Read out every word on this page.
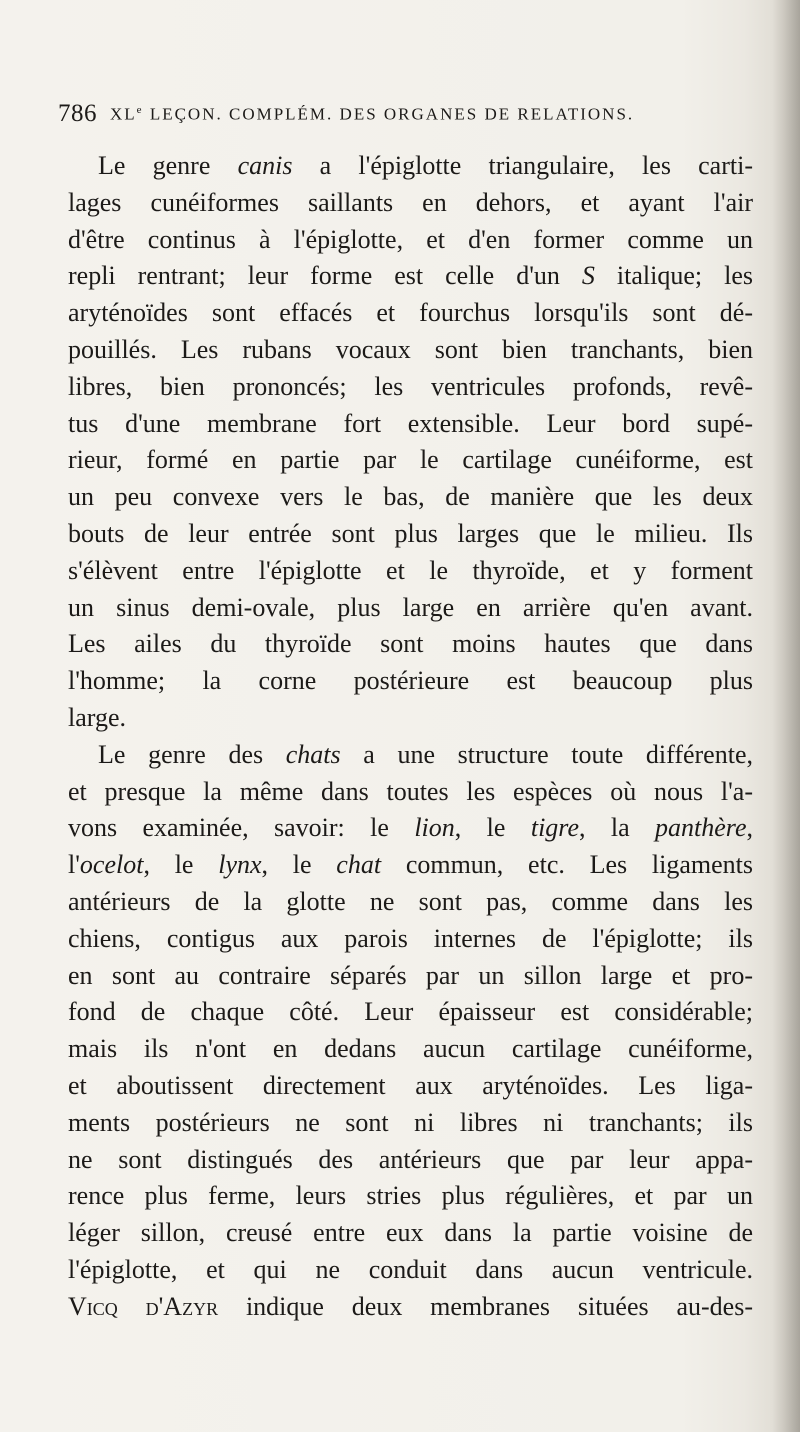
786 XLe LEÇON. COMPLÉM. DES ORGANES DE RELATIONS.
Le genre canis a l'épiglotte triangulaire, les carti-
lages cunéiformes saillants en dehors, et ayant l'air
d'être continus à l'épiglotte, et d'en former comme un
repli rentrant; leur forme est celle d'un S italique; les
aryténoïdes sont effacés et fourchus lorsqu'ils sont dé-
pouillés. Les rubans vocaux sont bien tranchants, bien
libres, bien prononcés; les ventricules profonds, revê-
tus d'une membrane fort extensible. Leur bord supé-
rieur, formé en partie par le cartilage cunéiforme, est
un peu convexe vers le bas, de manière que les deux
bouts de leur entrée sont plus larges que le milieu. Ils
s'élèvent entre l'épiglotte et le thyroïde, et y forment
un sinus demi-ovale, plus large en arrière qu'en avant.
Les ailes du thyroïde sont moins hautes que dans
l'homme; la corne postérieure est beaucoup plus
large.
Le genre des chats a une structure toute différente,
et presque la même dans toutes les espèces où nous l'a-
vons examinée, savoir: le lion, le tigre, la panthère,
l'ocelot, le lynx, le chat commun, etc. Les ligaments
antérieurs de la glotte ne sont pas, comme dans les
chiens, contigus aux parois internes de l'épiglotte; ils
en sont au contraire séparés par un sillon large et pro-
fond de chaque côté. Leur épaisseur est considérable;
mais ils n'ont en dedans aucun cartilage cunéiforme,
et aboutissent directement aux aryténoïdes. Les liga-
ments postérieurs ne sont ni libres ni tranchants; ils
ne sont distingués des antérieurs que par leur appa-
rence plus ferme, leurs stries plus régulières, et par un
léger sillon, creusé entre eux dans la partie voisine de
l'épiglotte, et qui ne conduit dans aucun ventricule.
Vicq d'Azyr indique deux membranes situées au-des-
